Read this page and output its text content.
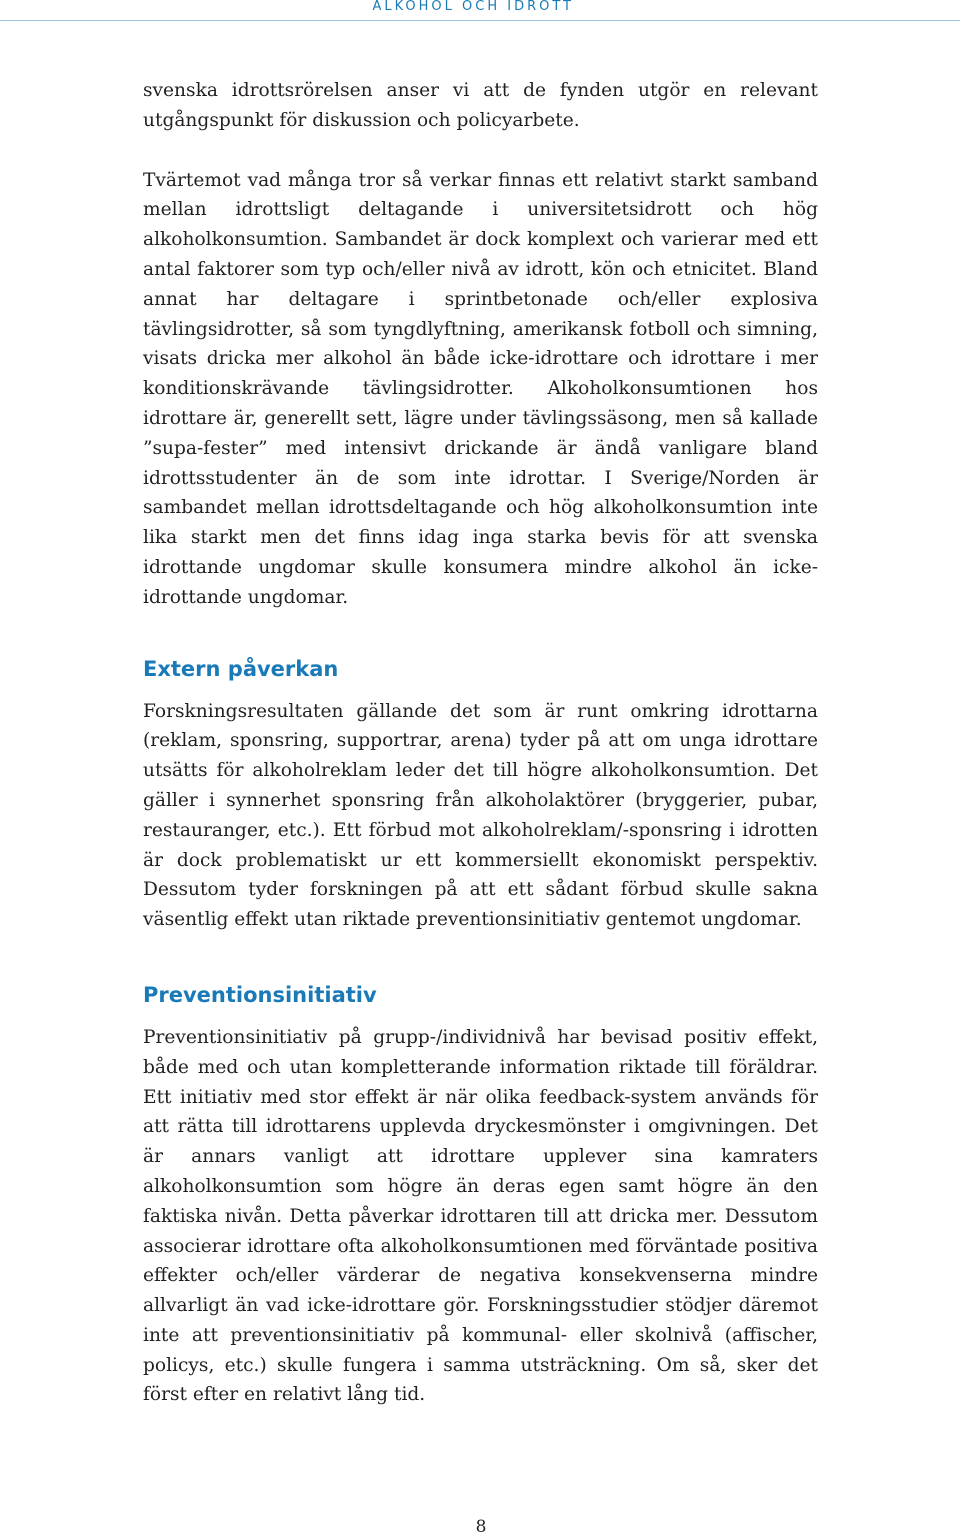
ALKOHOL OCH IDROTT

svenska idrottsrörelsen anser vi att de fynden utgör en relevant utgångspunkt för diskussion och policyarbete.

Tvärtemot vad många tror så verkar finnas ett relativt starkt samband mellan idrottsligt deltagande i universitetsidrott och hög alkoholkonsumtion. Sambandet är dock komplext och varierar med ett antal faktorer som typ och/eller nivå av idrott, kön och etnicitet. Bland annat har deltagare i sprintbetonade och/eller explosiva tävlingsidrotter, så som tyngdlyftning, amerikansk fotboll och simning, visats dricka mer alkohol än både icke-idrottare och idrottare i mer konditionskrävande tävlingsidrotter. Alkoholkonsumtionen hos idrottare är, generellt sett, lägre under tävlingssäsong, men så kallade ”supa-fester” med intensivt drickande är ändå vanligare bland idrottsstudenter än de som inte idrottar. I Sverige/Norden är sambandet mellan idrottsdeltagande och hög alkoholkonsumtion inte lika starkt men det finns idag inga starka bevis för att svenska idrottande ungdomar skulle konsumera mindre alkohol än icke-idrottande ungdomar.

Extern påverkan

Forskningsresultaten gällande det som är runt omkring idrottarna (reklam, sponsring, supportrar, arena) tyder på att om unga idrottare utsätts för alkoholreklam leder det till högre alkoholkonsumtion. Det gäller i synnerhet sponsring från alkoholaktörer (bryggerier, pubar, restauranger, etc.). Ett förbud mot alkoholreklam/-sponsring i idrotten är dock problematiskt ur ett kommersiellt ekonomiskt perspektiv. Dessutom tyder forskningen på att ett sådant förbud skulle sakna väsentlig effekt utan riktade preventionsinitiativ gentemot ungdomar.

Preventionsinitiativ

Preventionsinitiativ på grupp-/individnivå har bevisad positiv effekt, både med och utan kompletterande information riktade till föräldrar. Ett initiativ med stor effekt är när olika feedback-system används för att rätta till idrottarens upplevda dryckesmönster i omgivningen. Det är annars vanligt att idrottare upplever sina kamraters alkoholkonsumtion som högre än deras egen samt högre än den faktiska nivån. Detta påverkar idrottaren till att dricka mer. Dessutom associerar idrottare ofta alkoholkonsumtionen med förväntade positiva effekter och/eller värderar de negativa konsekvenserna mindre allvarligt än vad icke-idrottare gör. Forskningsstudier stödjer däremot inte att preventionsinitiativ på kommunal- eller skolnivå (affischer, policys, etc.) skulle fungera i samma utsträckning. Om så, sker det först efter en relativt lång tid.

8
